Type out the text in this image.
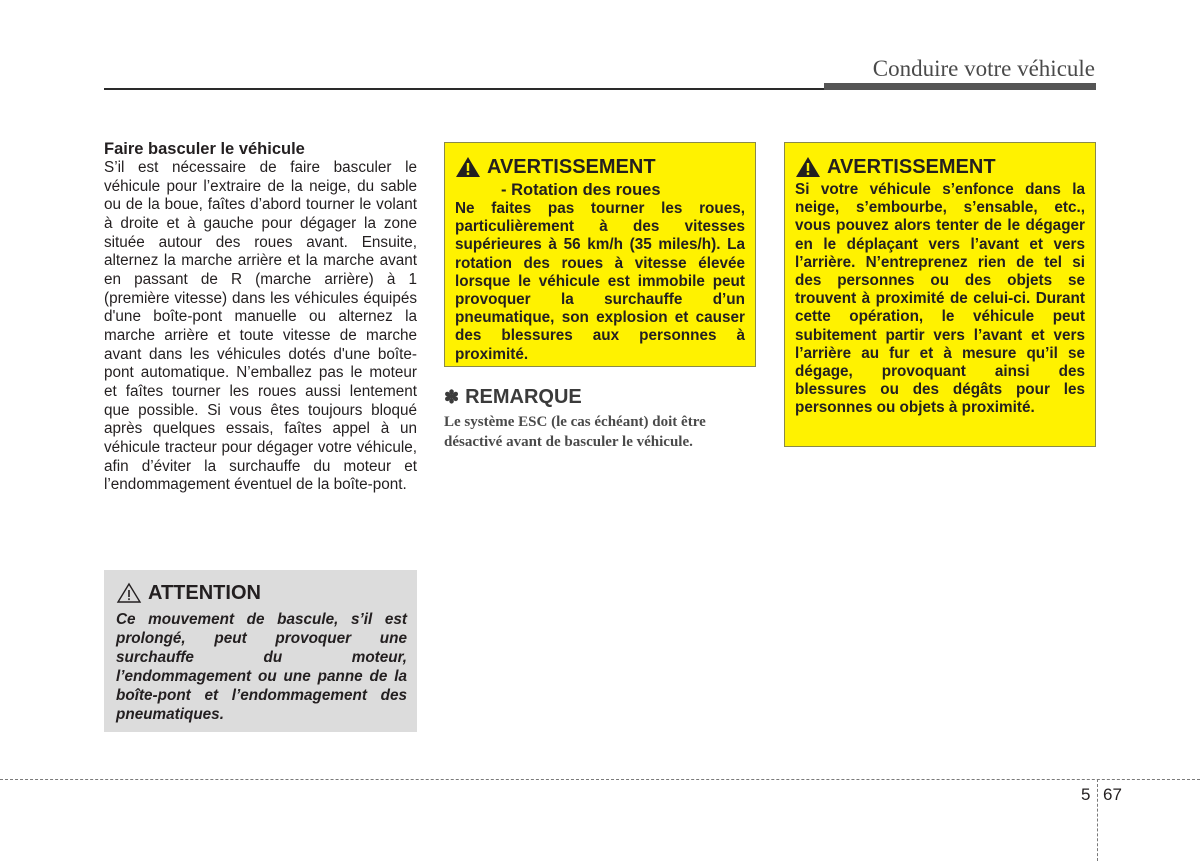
Conduire votre véhicule

Faire basculer le véhicule

S’il est nécessaire de faire basculer le véhicule pour l’extraire de la neige, du sable ou de la boue, faîtes d’abord tourner le volant à droite et à gauche pour dégager la zone située autour des roues avant. Ensuite, alternez la marche arrière et la marche avant en passant de R (marche arrière) à 1 (première vitesse) dans les véhicules équipés d'une boîte-pont manuelle ou alternez la marche arrière et toute vitesse de marche avant dans les véhicules dotés d'une boîte-pont automatique. N’emballez pas le moteur et faîtes tourner les roues aussi lentement que possible. Si vous êtes toujours bloqué après quelques essais, faîtes appel à un véhicule tracteur pour dégager votre véhicule, afin d’éviter la surchauffe du moteur et l’endommagement éventuel de la boîte-pont.

ATTENTION

Ce mouvement de bascule, s’il est prolongé, peut provoquer une surchauffe du moteur, l’endommagement ou une panne de la boîte-pont et l’endommagement des pneumatiques.

AVERTISSEMENT

- Rotation des roues

Ne faites pas tourner les roues, particulièrement à des vitesses supérieures à 56 km/h (35 miles/h). La rotation des roues à vitesse élevée lorsque le véhicule est immobile peut provoquer la surchauffe d’un pneumatique, son explosion et causer des blessures aux personnes à proximité.

✽ REMARQUE

Le système ESC (le cas échéant) doit être désactivé avant de basculer le véhicule.

AVERTISSEMENT

Si votre véhicule s’enfonce dans la neige, s’embourbe, s’ensable, etc., vous pouvez alors tenter de le dégager en le déplaçant vers l’avant et vers l’arrière. N’entreprenez rien de tel si des personnes ou des objets se trouvent à proximité de celui-ci. Durant cette opération, le véhicule peut subitement partir vers l’avant et vers l’arrière au fur et à mesure qu’il se dégage, provoquant ainsi des blessures ou des dégâts pour les personnes ou objets à proximité.

5 67
